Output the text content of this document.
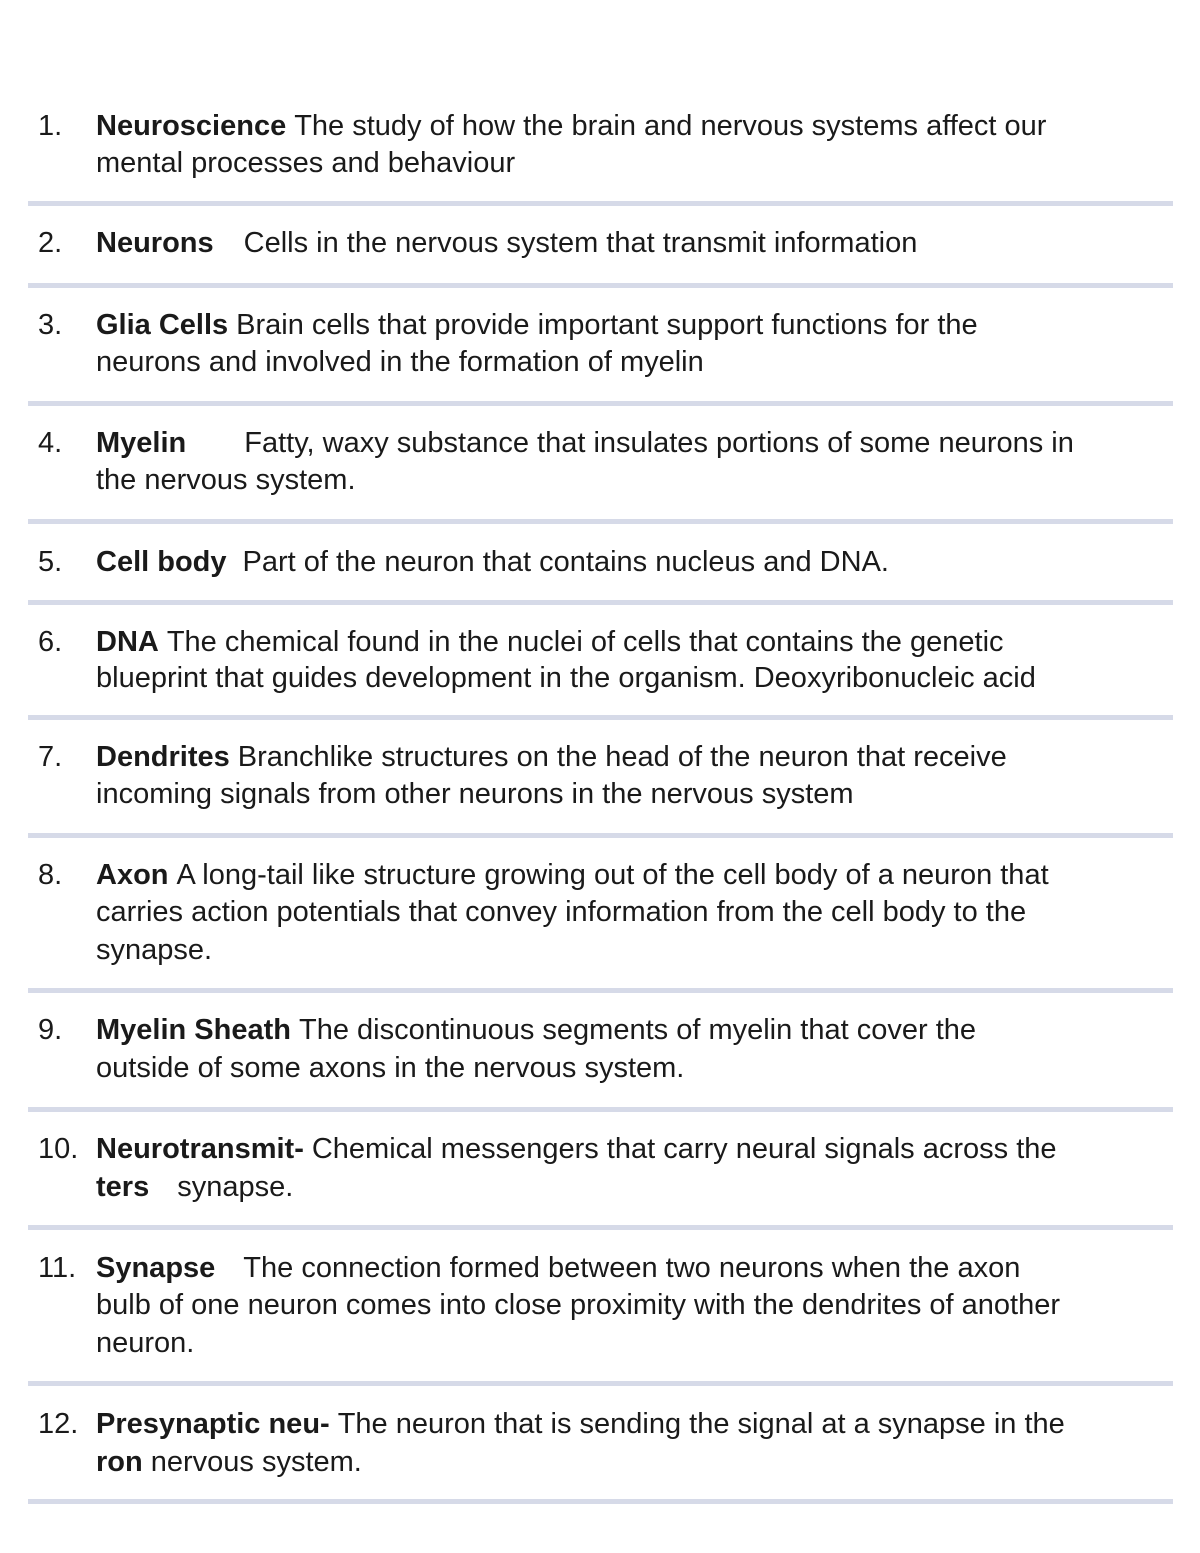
1. Neuroscience The study of how the brain and nervous systems affect our
mental processes and behaviour
2. Neurons Cells in the nervous system that transmit information
3. Glia Cells Brain cells that provide important support functions for the
neurons and involved in the formation of myelin
4. Myelin Fatty, waxy substance that insulates portions of some neurons in
the nervous system.
5. Cell body Part of the neuron that contains nucleus and DNA.
6. DNA The chemical found in the nuclei of cells that contains the genetic
blueprint that guides development in the organism. Deoxyribonucleic acid
7. Dendrites Branchlike structures on the head of the neuron that receive
incoming signals from other neurons in the nervous system
8. Axon A long-tail like structure growing out of the cell body of a neuron that
carries action potentials that convey information from the cell body to the
synapse.
9. Myelin Sheath The discontinuous segments of myelin that cover the
outside of some axons in the nervous system.
10. Neurotransmit- Chemical messengers that carry neural signals across the
ters synapse.
11. Synapse The connection formed between two neurons when the axon
bulb of one neuron comes into close proximity with the dendrites of another
neuron.
12. Presynaptic neu- The neuron that is sending the signal at a synapse in the
ron nervous system.
